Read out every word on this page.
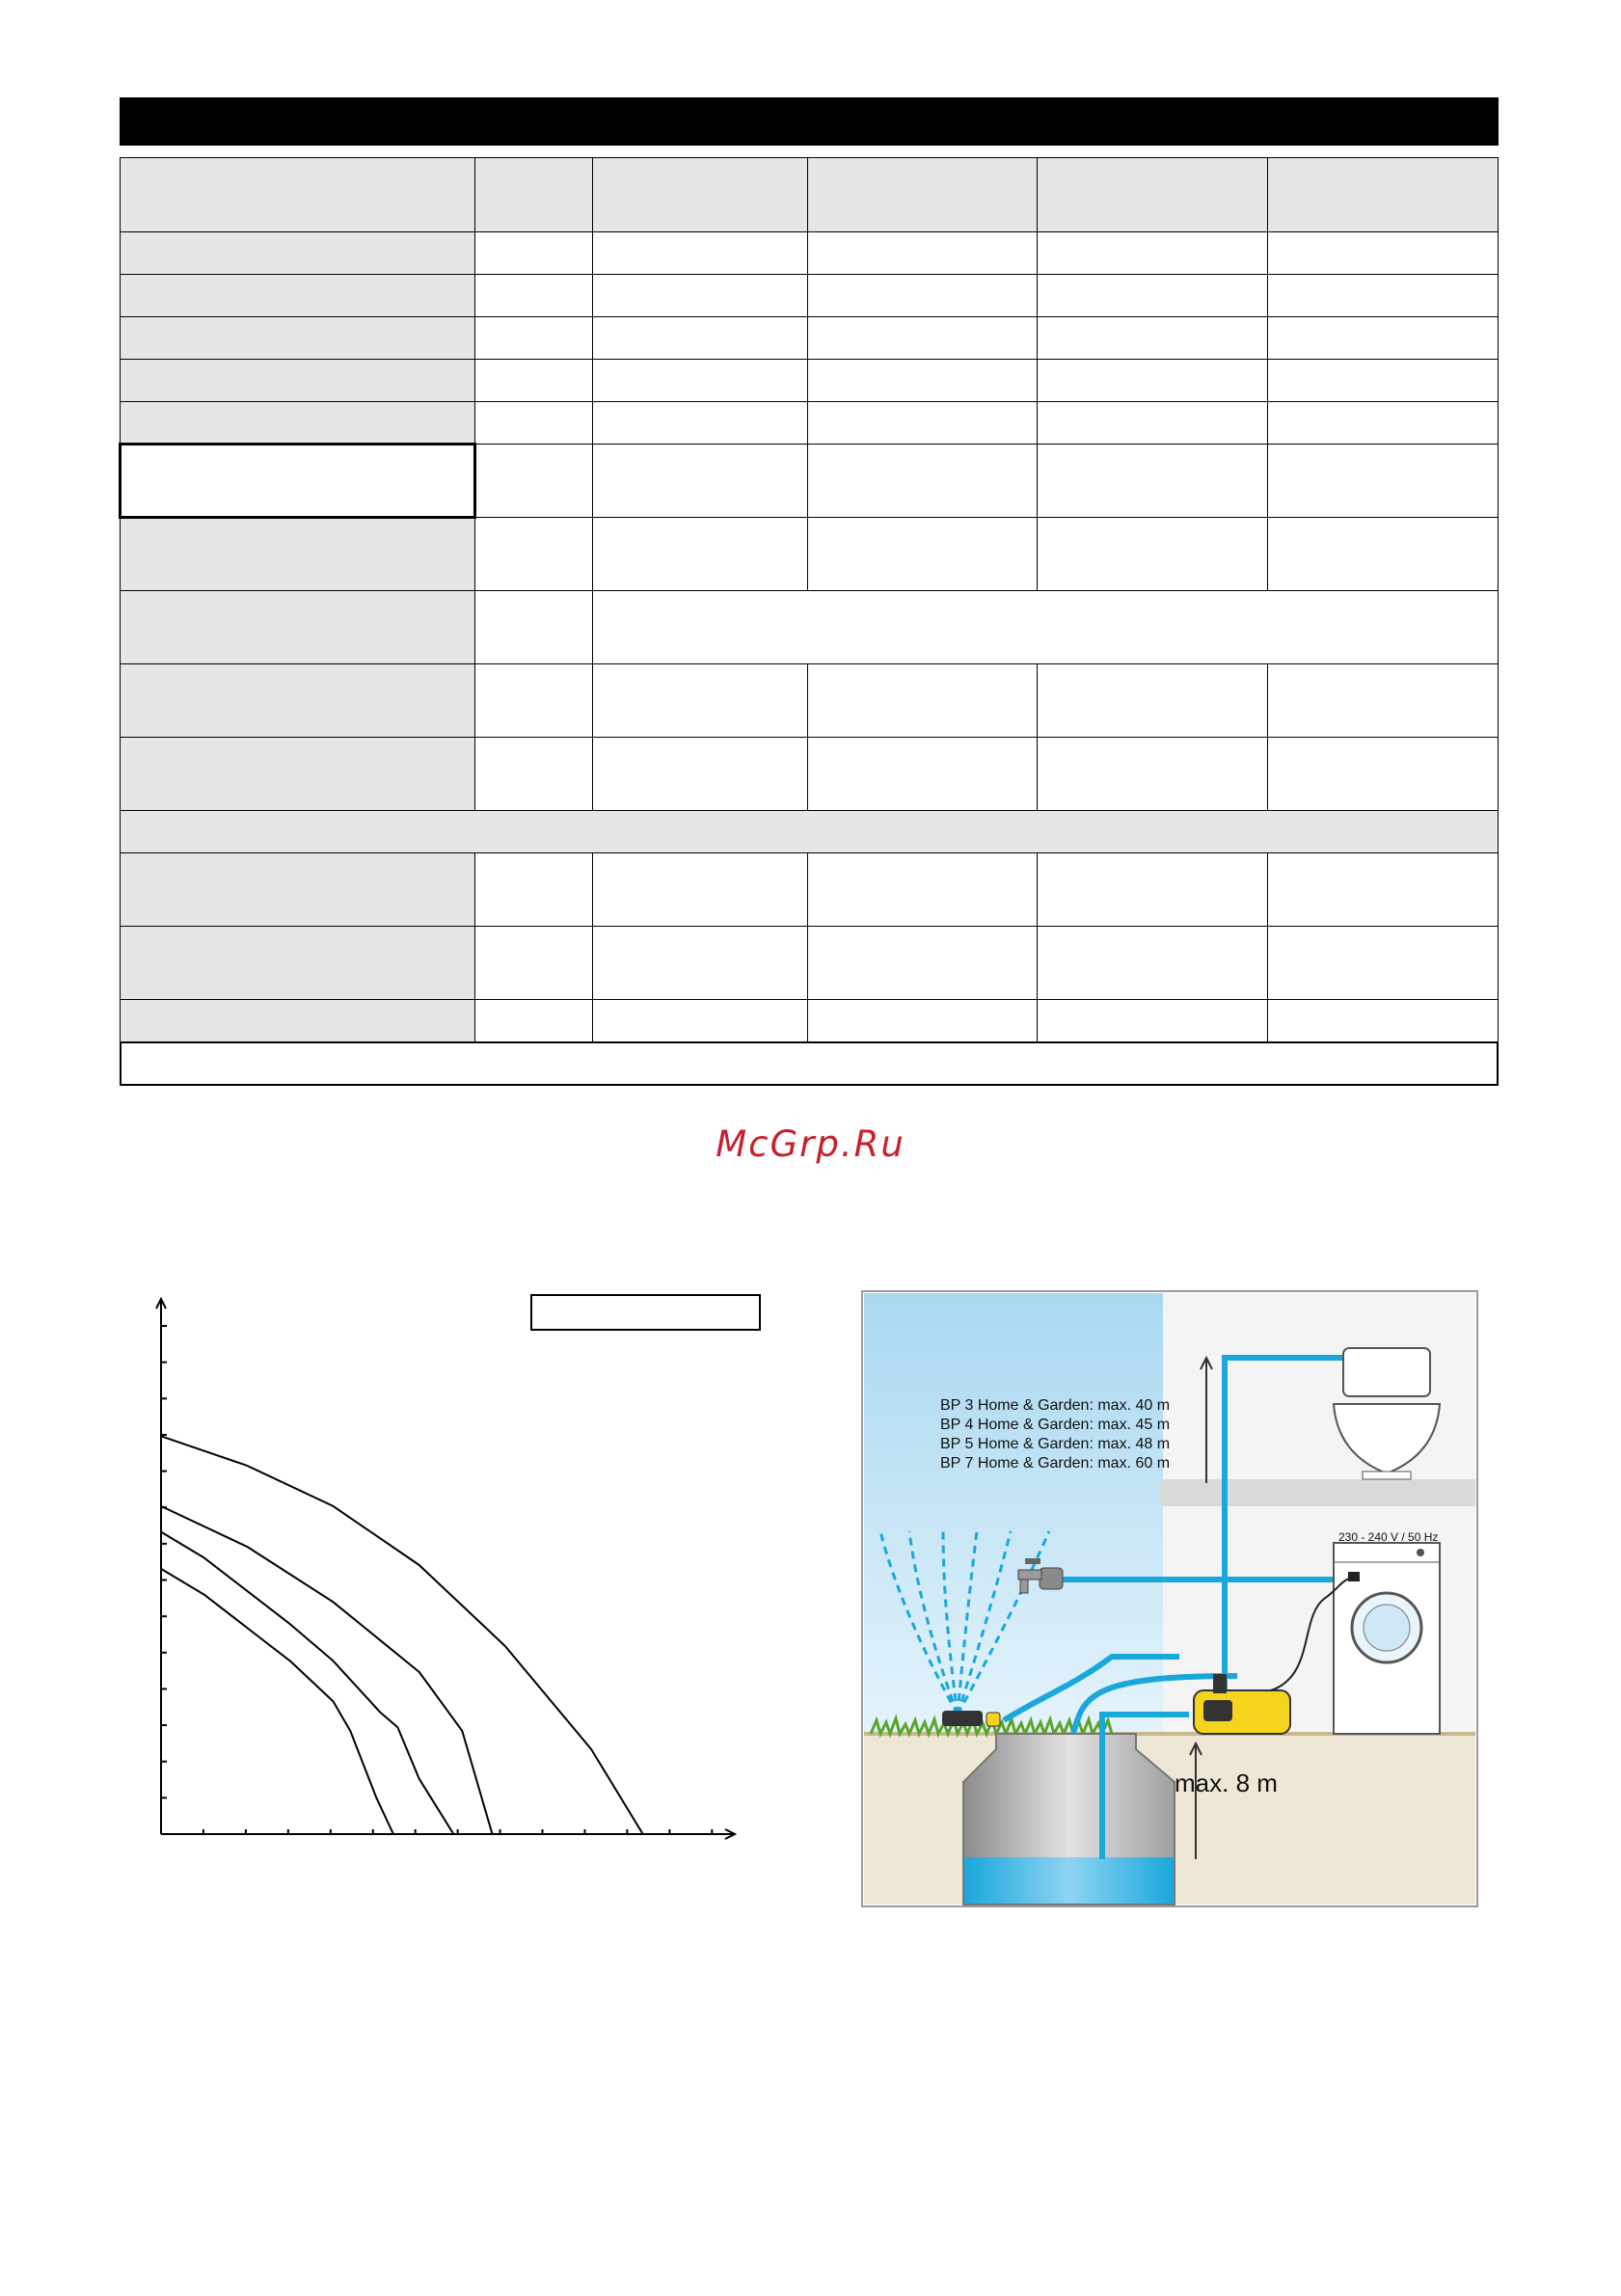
McGrp.Ru
BP 3 Home & Garden: max. 40 m
BP 4 Home & Garden: max. 45 m
BP 5 Home & Garden: max. 48 m
BP 7 Home & Garden: max. 60 m
230 - 240 V / 50 Hz
max. 8 m
